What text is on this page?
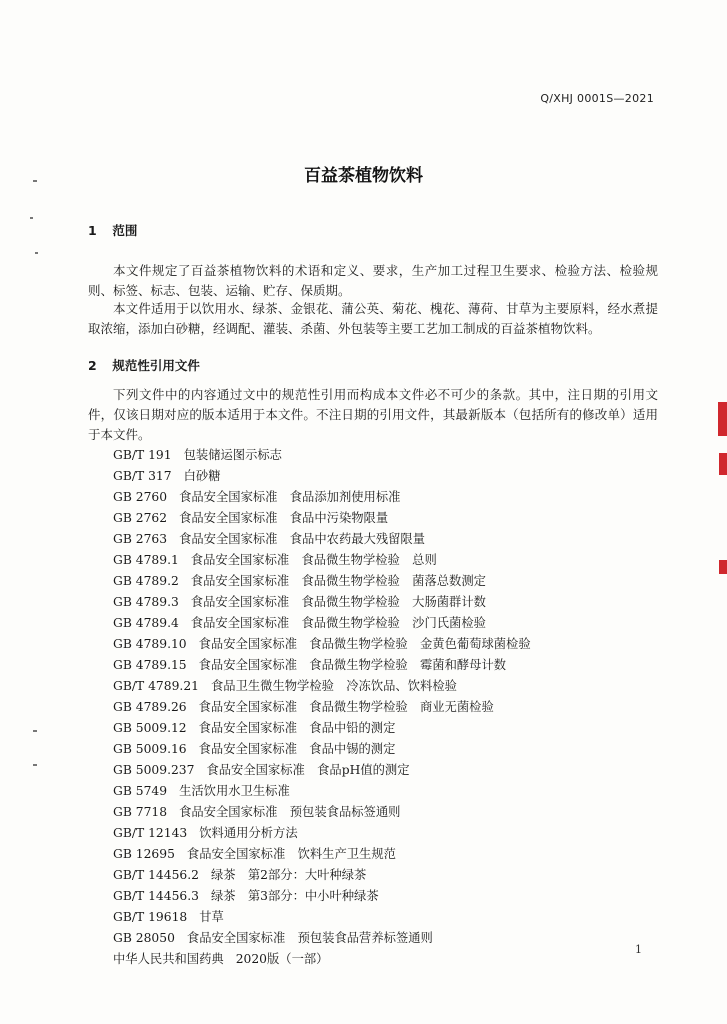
Q/XHJ 0001S—2021
百益茶植物饮料
1 范围
本文件规定了百益茶植物饮料的术语和定义、要求，生产加工过程卫生要求、检验方法、检验规则、标签、标志、包装、运输、贮存、保质期。
本文件适用于以饮用水、绿茶、金银花、蒲公英、菊花、槐花、薄荷、甘草为主要原料，经水煮提取浓缩，添加白砂糖，经调配、灌装、杀菌、外包装等主要工艺加工制成的百益茶植物饮料。
2 规范性引用文件
下列文件中的内容通过文中的规范性引用而构成本文件必不可少的条款。其中，注日期的引用文件，仅该日期对应的版本适用于本文件。不注日期的引用文件，其最新版本（包括所有的修改单）适用于本文件。
GB/T 191 包装储运图示标志
GB/T 317 白砂糖
GB 2760 食品安全国家标准　食品添加剂使用标准
GB 2762 食品安全国家标准　食品中污染物限量
GB 2763 食品安全国家标准　食品中农药最大残留限量
GB 4789.1 食品安全国家标准　食品微生物学检验　总则
GB 4789.2 食品安全国家标准　食品微生物学检验　菌落总数测定
GB 4789.3 食品安全国家标准　食品微生物学检验　大肠菌群计数
GB 4789.4 食品安全国家标准　食品微生物学检验　沙门氏菌检验
GB 4789.10 食品安全国家标准　食品微生物学检验　金黄色葡萄球菌检验
GB 4789.15 食品安全国家标准　食品微生物学检验　霉菌和酵母计数
GB/T 4789.21 食品卫生微生物学检验　冷冻饮品、饮料检验
GB 4789.26 食品安全国家标准　食品微生物学检验　商业无菌检验
GB 5009.12 食品安全国家标准　食品中铅的测定
GB 5009.16 食品安全国家标准　食品中锡的测定
GB 5009.237 食品安全国家标准　食品pH值的测定
GB 5749 生活饮用水卫生标准
GB 7718 食品安全国家标准　预包装食品标签通则
GB/T 12143 饮料通用分析方法
GB 12695 食品安全国家标准　饮料生产卫生规范
GB/T 14456.2 绿茶　第2部分：大叶种绿茶
GB/T 14456.3 绿茶　第3部分：中小叶种绿茶
GB/T 19618 甘草
GB 28050 食品安全国家标准　预包装食品营养标签通则
中华人民共和国药典 2020版（一部）
1
